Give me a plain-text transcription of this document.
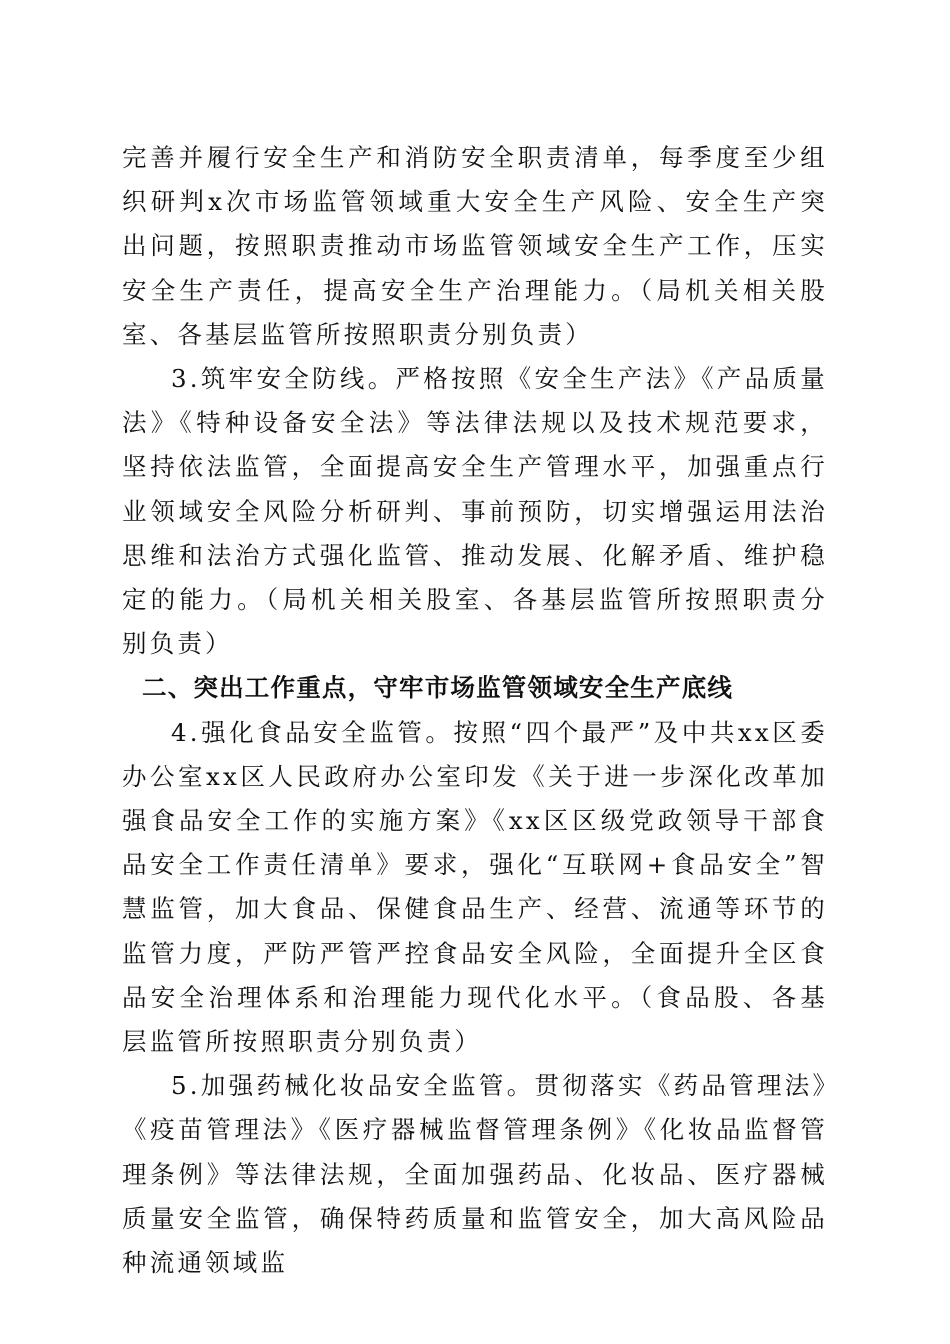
完善并履行安全生产和消防安全职责清单，每季度至少组织研判x次市场监管领域重大安全生产风险、安全生产突出问题，按照职责推动市场监管领域安全生产工作，压实安全生产责任，提高安全生产治理能力。（局机关相关股室、各基层监管所按照职责分别负责）

3.筑牢安全防线。严格按照《安全生产法》《产品质量法》《特种设备安全法》等法律法规以及技术规范要求，坚持依法监管，全面提高安全生产管理水平，加强重点行业领域安全风险分析研判、事前预防，切实增强运用法治思维和法治方式强化监管、推动发展、化解矛盾、维护稳定的能力。（局机关相关股室、各基层监管所按照职责分别负责）

二、突出工作重点，守牢市场监管领域安全生产底线

4.强化食品安全监管。按照“四个最严”及中共xx区委办公室xx区人民政府办公室印发《关于进一步深化改革加强食品安全工作的实施方案》《xx区区级党政领导干部食品安全工作责任清单》要求，强化“互联网+食品安全”智慧监管，加大食品、保健食品生产、经营、流通等环节的监管力度，严防严管严控食品安全风险，全面提升全区食品安全治理体系和治理能力现代化水平。（食品股、各基层监管所按照职责分别负责）

5.加强药械化妆品安全监管。贯彻落实《药品管理法》《疫苗管理法》《医疗器械监督管理条例》《化妆品监督管理条例》等法律法规，全面加强药品、化妆品、医疗器械质量安全监管，确保特药质量和监管安全，加大高风险品种流通领域监
